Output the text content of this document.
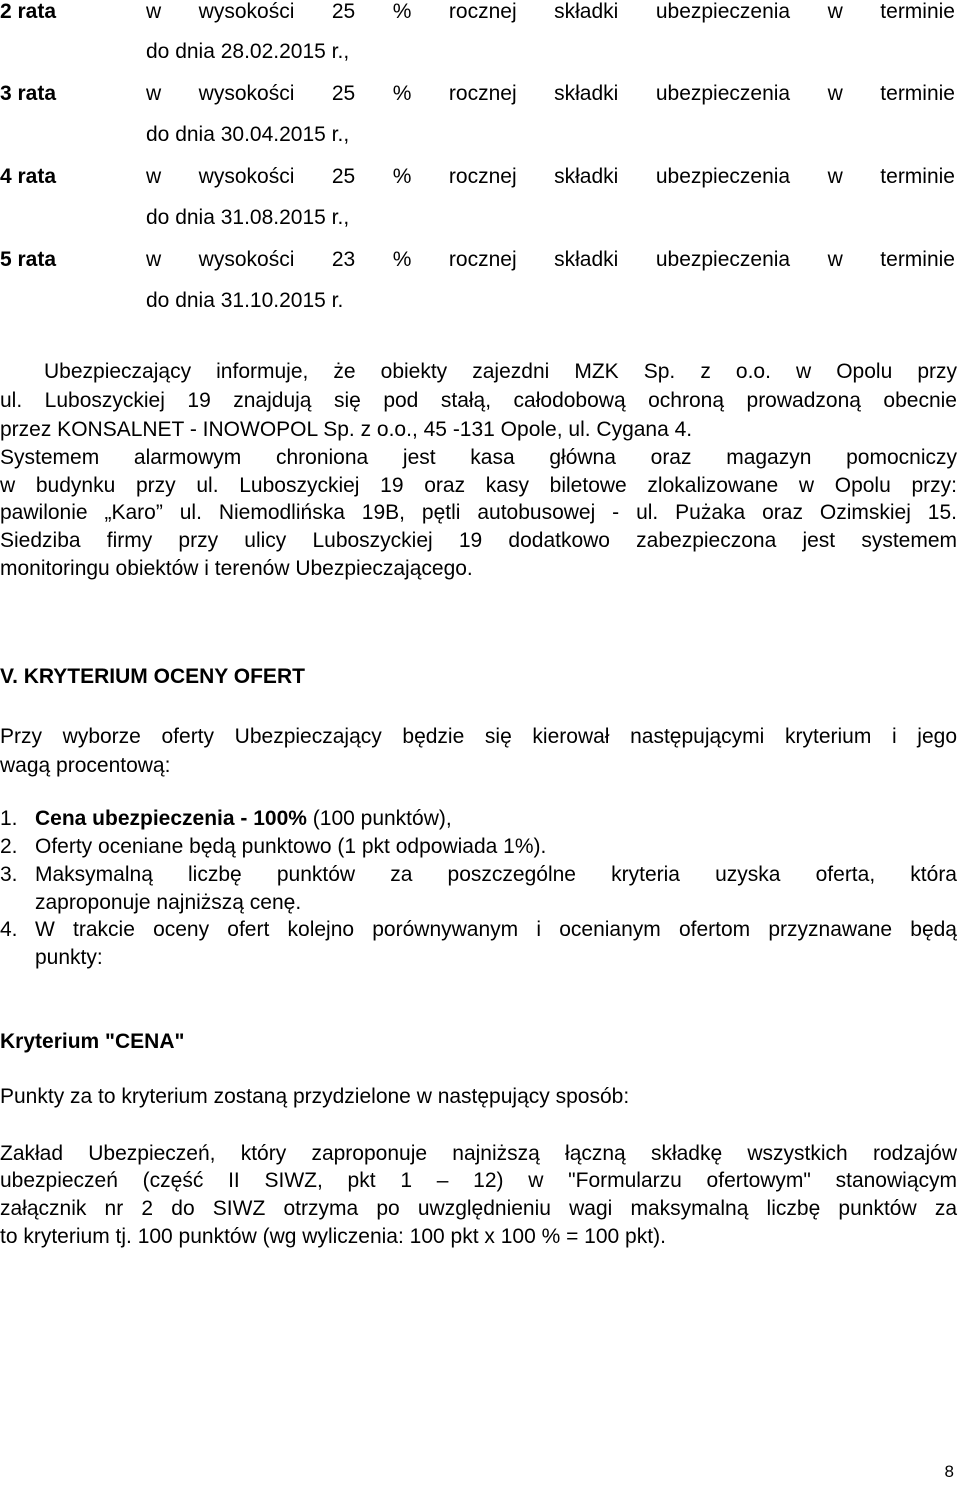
2 rata	w wysokości 25 % rocznej składki ubezpieczenia w terminie
do dnia 28.02.2015 r.,
3 rata	w wysokości 25 % rocznej składki ubezpieczenia w terminie
do dnia 30.04.2015 r.,
4 rata	w wysokości 25 % rocznej składki ubezpieczenia w terminie
do dnia 31.08.2015 r.,
5 rata	w wysokości 23 % rocznej składki ubezpieczenia w terminie
do dnia 31.10.2015 r.
Ubezpieczający informuje, że obiekty zajezdni MZK Sp. z o.o. w Opolu przy
ul. Luboszyckiej 19 znajdują się pod stałą, całodobową ochroną prowadzoną obecnie
przez KONSALNET - INOWOPOL Sp. z o.o., 45 -131 Opole, ul. Cygana 4.
Systemem alarmowym chroniona jest kasa główna oraz magazyn pomocniczy
w budynku przy ul. Luboszyckiej 19 oraz kasy biletowe zlokalizowane w Opolu przy:
pawilonie „Karo” ul. Niemodlińska 19B, pętli autobusowej - ul. Pużaka oraz Ozimskiej 15.
Siedziba firmy przy ulicy Luboszyckiej 19 dodatkowo zabezpieczona jest systemem
monitoringu obiektów i terenów Ubezpieczającego.
V. KRYTERIUM OCENY OFERT
Przy wyborze oferty Ubezpieczający będzie się kierował następującymi kryterium i jego
wagą procentową:
1. Cena ubezpieczenia - 100% (100 punktów),
2. Oferty oceniane będą punktowo (1 pkt odpowiada 1%).
3. Maksymalną liczbę punktów za poszczególne kryteria uzyska oferta, która
zaproponuje najniższą cenę.
4. W trakcie oceny ofert kolejno porównywanym i ocenianym ofertom przyznawane będą
punkty:
Kryterium "CENA"
Punkty za to kryterium zostaną przydzielone w następujący sposób:
Zakład Ubezpieczeń, który zaproponuje najniższą łączną składkę wszystkich rodzajów
ubezpieczeń (część II SIWZ, pkt 1 – 12) w "Formularzu ofertowym" stanowiącym
załącznik nr 2 do SIWZ otrzyma po uwzględnieniu wagi maksymalną liczbę punktów za
to kryterium tj. 100 punktów (wg wyliczenia: 100 pkt x 100 % = 100 pkt).
8
